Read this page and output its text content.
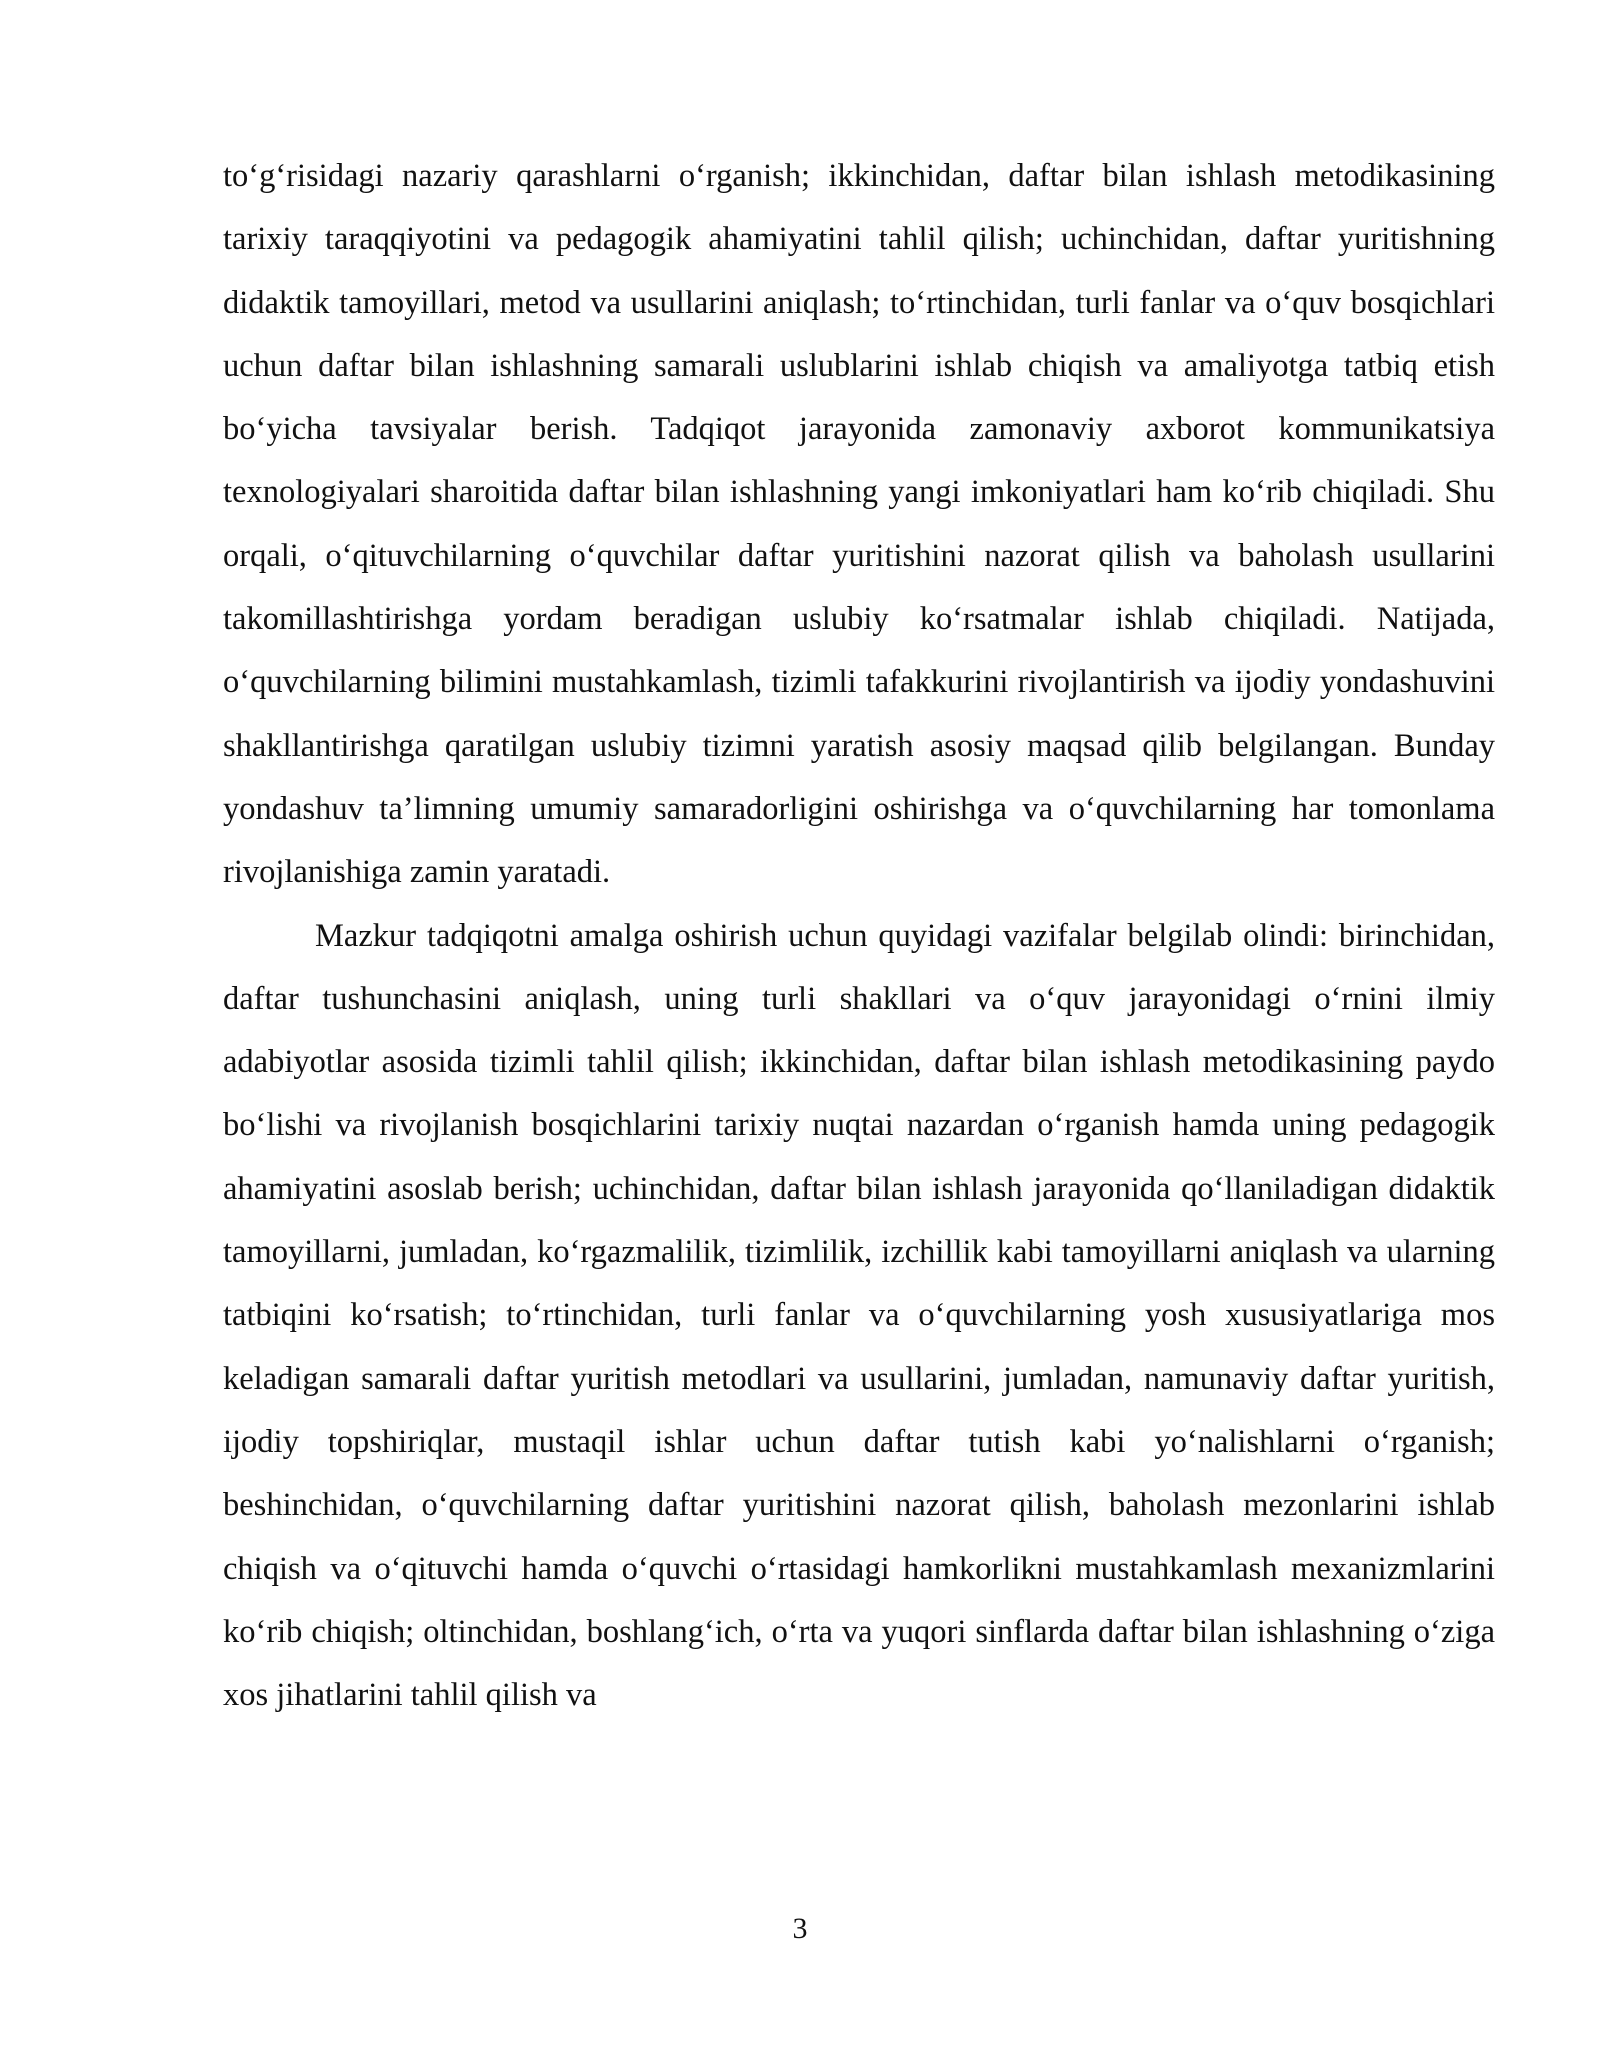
to‘g‘risidagi nazariy qarashlarni o‘rganish; ikkinchidan, daftar bilan ishlash metodikasining tarixiy taraqqiyotini va pedagogik ahamiyatini tahlil qilish; uchinchidan, daftar yuritishning didaktik tamoyillari, metod va usullarini aniqlash; to‘rtinchidan, turli fanlar va o‘quv bosqichlari uchun daftar bilan ishlashning samarali uslublarini ishlab chiqish va amaliyotga tatbiq etish bo‘yicha tavsiyalar berish. Tadqiqot jarayonida zamonaviy axborot kommunikatsiya texnologiyalari sharoitida daftar bilan ishlashning yangi imkoniyatlari ham ko‘rib chiqiladi. Shu orqali, o‘qituvchilarning o‘quvchilar daftar yuritishini nazorat qilish va baholash usullarini takomillashtirishga yordam beradigan uslubiy ko‘rsatmalar ishlab chiqiladi. Natijada, o‘quvchilarning bilimini mustahkamlash, tizimli tafakkurini rivojlantirish va ijodiy yondashuvini shakllantirishga qaratilgan uslubiy tizimni yaratish asosiy maqsad qilib belgilangan. Bunday yondashuv ta’limning umumiy samaradorligini oshirishga va o‘quvchilarning har tomonlama rivojlanishiga zamin yaratadi.

Mazkur tadqiqotni amalga oshirish uchun quyidagi vazifalar belgilab olindi: birinchidan, daftar tushunchasini aniqlash, uning turli shakllari va o‘quv jarayonidagi o‘rnini ilmiy adabiyotlar asosida tizimli tahlil qilish; ikkinchidan, daftar bilan ishlash metodikasining paydo bo‘lishi va rivojlanish bosqichlarini tarixiy nuqtai nazardan o‘rganish hamda uning pedagogik ahamiyatini asoslab berish; uchinchidan, daftar bilan ishlash jarayonida qo‘llaniladigan didaktik tamoyillarni, jumladan, ko‘rgazmalilik, tizimlilik, izchillik kabi tamoyillarni aniqlash va ularning tatbiqini ko‘rsatish; to‘rtinchidan, turli fanlar va o‘quvchilarning yosh xususiyatlariga mos keladigan samarali daftar yuritish metodlari va usullarini, jumladan, namunaviy daftar yuritish, ijodiy topshiriqlar, mustaqil ishlar uchun daftar tutish kabi yo‘nalishlarni o‘rganish; beshinchidan, o‘quvchilarning daftar yuritishini nazorat qilish, baholash mezonlarini ishlab chiqish va o‘qituvchi hamda o‘quvchi o‘rtasidagi hamkorlikni mustahkamlash mexanizmlarini ko‘rib chiqish; oltinchidan, boshlang‘ich, o‘rta va yuqori sinflarda daftar bilan ishlashning o‘ziga xos jihatlarini tahlil qilish va

3
